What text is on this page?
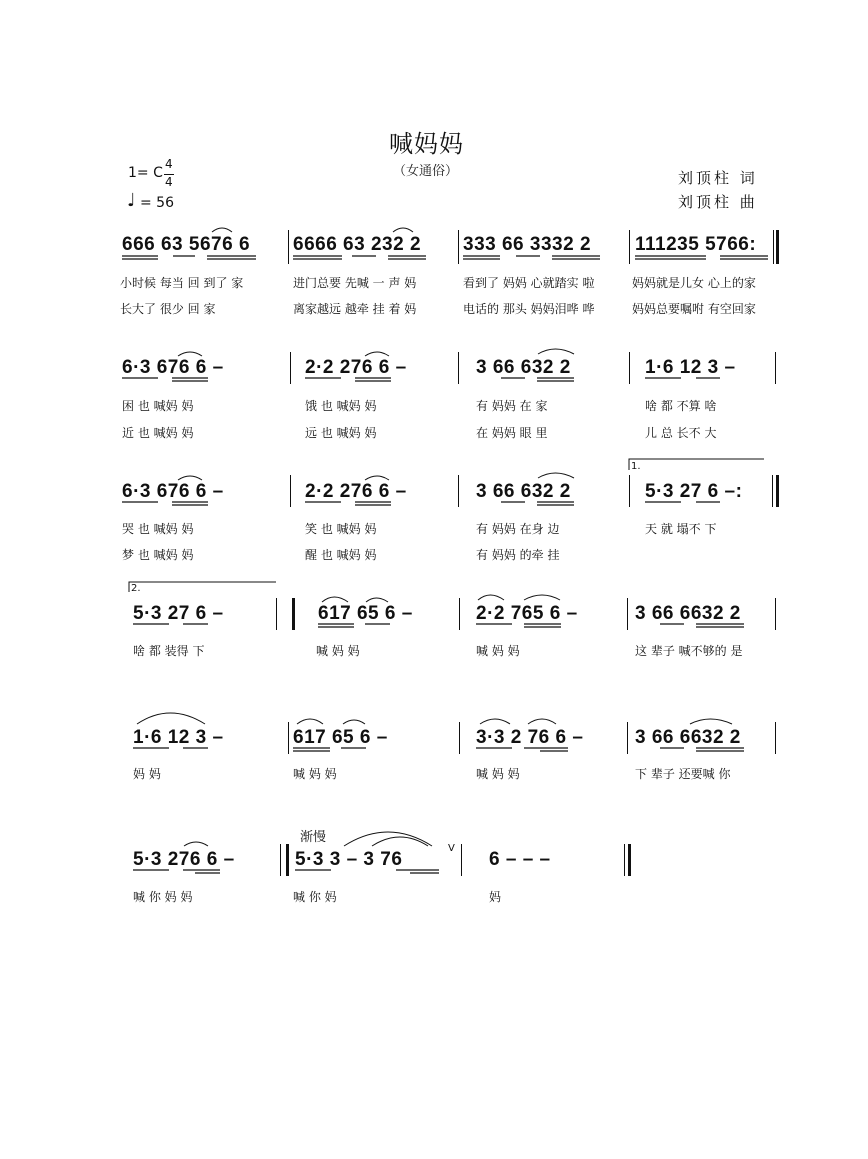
喊妈妈
（女通俗）
1= C
4
4
♩ = 56
刘顶柱 词
刘顶柱 曲
666 63 5676 6 6666 63 232 2 333 66 3332 2 111235 5766:
小时候 每当 回 到了 家	进门总要 先喊 一 声 妈	看到了 妈妈 心就踏实 啦	妈妈就是儿女 心上的家
长大了 很少 回 家	离家越远 越牵 挂 着 妈	电话的 那头 妈妈泪哗 哗	妈妈总要嘱咐 有空回家
6·3 676 6 –	2·2 276 6 –	3 66 632 2	1·6 12 3 –
困 也 喊妈 妈	饿 也 喊妈 妈	有 妈妈 在 家	啥 都 不算 啥
近 也 喊妈 妈	远 也 喊妈 妈	在 妈妈 眼 里	儿 总 长不 大
6·3 676 6 –	2·2 276 6 –	3 66 632 2	5·3 27 6 –:
哭 也 喊妈 妈	笑 也 喊妈 妈	有 妈妈 在身 边	天 就 塌不 下
梦 也 喊妈 妈	醒 也 喊妈 妈	有 妈妈 的牵 挂
1.
2.
5·3 27 6 –	617 65 6 –	2·2 765 6 –	3 66 6632 2
啥 都 装得 下	喊 妈 妈	喊 妈 妈	这 辈子 喊不够的 是
1·6 12 3 –	617 65 6 –	3·3 2 76 6 –	3 66 6632 2
妈 妈	喊 妈 妈	喊 妈 妈	下 辈子 还要喊 你
渐慢
V
5·3 276 6 –	5·3 3 – 3 76	6 – – –
喊 你 妈 妈	喊 你 妈	妈
